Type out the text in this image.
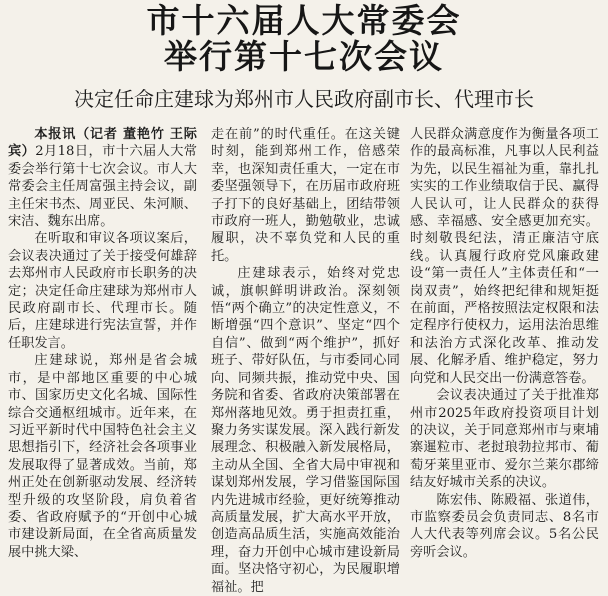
市十六届人大常委会
举行第十七次会议
决定任命庄建球为郑州市人民政府副市长、代理市长

本报讯（记者 董艳竹 王际宾）2月18日，市十六届人大常委会举行第十七次会议。市人大常委会主任周富强主持会议，副主任宋书杰、周亚民、朱河顺、宋洁、魏东出席。

在听取和审议各项议案后，会议表决通过了关于接受何雄辞去郑州市人民政府市长职务的决定；决定任命庄建球为郑州市人民政府副市长、代理市长。随后，庄建球进行宪法宣誓，并作任职发言。

庄建球说，郑州是省会城市，是中部地区重要的中心城市、国家历史文化名城、国际性综合交通枢纽城市。近年来，在习近平新时代中国特色社会主义思想指引下，经济社会各项事业发展取得了显著成效。当前，郑州正处在创新驱动发展、经济转型升级的攻坚阶段，肩负着省委、省政府赋予的“开创中心城市建设新局面，在全省高质量发展中挑大梁、

走在前”的时代重任。在这关键时刻，能到郑州工作，倍感荣幸，也深知责任重大，一定在市委坚强领导下，在历届市政府班子打下的良好基础上，团结带领市政府一班人，勤勉敬业，忠诚履职，决不辜负党和人民的重托。

庄建球表示，始终对党忠诚，旗帜鲜明讲政治。深刻领悟“两个确立”的决定性意义，不断增强“四个意识”、坚定“四个自信”、做到“两个维护”，抓好班子、带好队伍，与市委同心同向、同频共振，推动党中央、国务院和省委、省政府决策部署在郑州落地见效。勇于担责扛重，聚力务实谋发展。深入践行新发展理念、积极融入新发展格局，主动从全国、全省大局中审视和谋划郑州发展，学习借鉴国际国内先进城市经验，更好统筹推动高质量发展，扩大高水平开放，创造高品质生活，实施高效能治理，奋力开创中心城市建设新局面。坚决恪守初心，为民履职增福祉。把

人民群众满意度作为衡量各项工作的最高标准，凡事以人民利益为先，以民生福祉为重，靠扎扎实实的工作业绩取信于民、赢得人民认可，让人民群众的获得感、幸福感、安全感更加充实。时刻敬畏纪法，清正廉洁守底线。认真履行政府党风廉政建设“第一责任人”主体责任和“一岗双责”，始终把纪律和规矩挺在前面，严格按照法定权限和法定程序行使权力，运用法治思维和法治方式深化改革、推动发展、化解矛盾、维护稳定，努力向党和人民交出一份满意答卷。

会议表决通过了关于批准郑州市2025年政府投资项目计划的决议，关于同意郑州市与柬埔寨暹粒市、老挝琅勃拉邦市、葡萄牙莱里亚市、爱尔兰莱尔郡缔结友好城市关系的决议。

陈宏伟、陈殿福、张道伟，市监察委员会负责同志、8名市人大代表等列席会议。5名公民旁听会议。
